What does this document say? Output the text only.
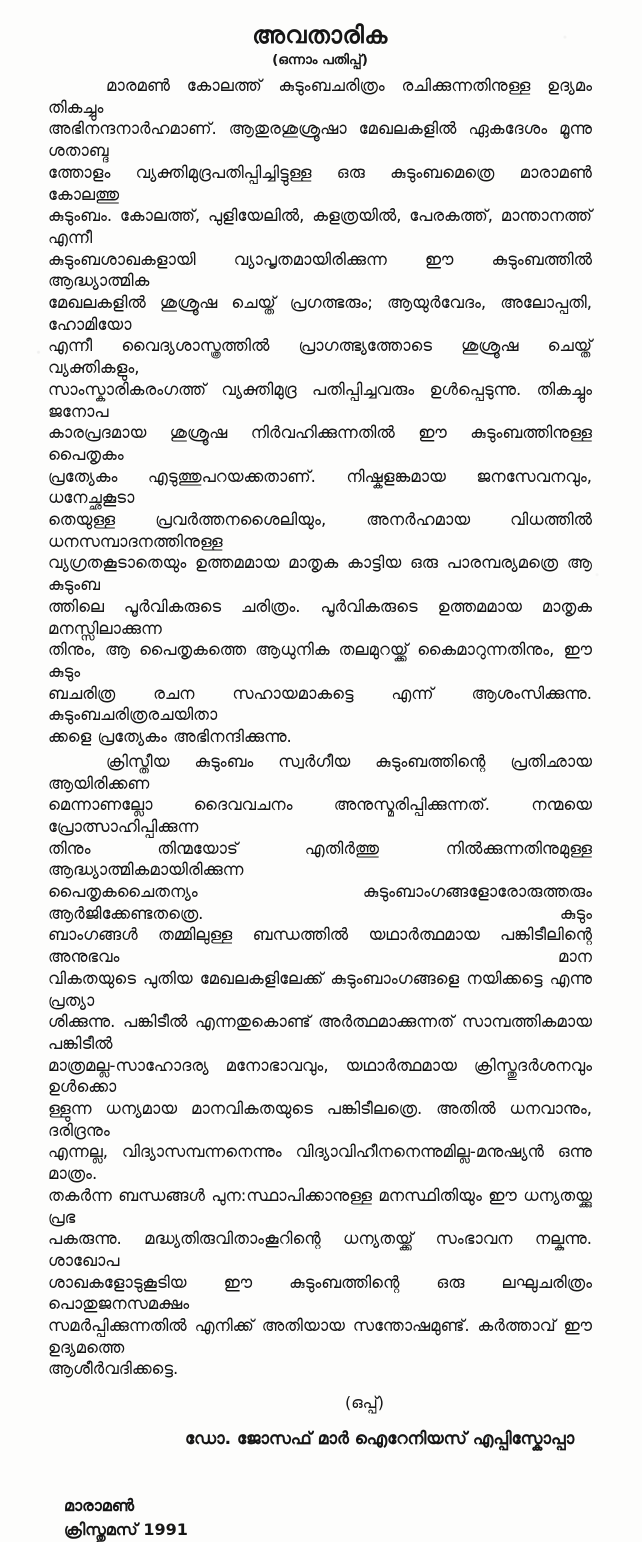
അവതാരിക
(ഒന്നാം പതിപ്പ്)
മാരമൺ കോലത്ത് കുടുംബചരിത്രം രചിക്കുന്നതിനുള്ള ഉദ്യമം തികച്ചും
അഭിനന്ദനാർഹമാണ്. ആതുരശുശ്രൂഷാ മേഖലകളിൽ ഏകദേശം മൂന്നു ശതാബ്ദ
ത്തോളം വ്യക്തിമുദ്രപതിപ്പിച്ചിട്ടുള്ള ഒരു കുടുംബമെത്രെ മാരാമൺ കോലത്തു
കുടുംബം. കോലത്ത്, പുളിയേലിൽ, കളത്രയിൽ, പേരകത്ത്, മാന്താനത്ത് എന്നീ
കുടുംബശാഖകളായി വ്യാപൃതമായിരിക്കുന്ന ഈ കുടുംബത്തിൽ ആദ്ധ്യാത്മിക
മേഖലകളിൽ ശുശ്രൂഷ ചെയ്ത് പ്രഗത്ഭരും; ആയുർവേദം, അലോപ്പതി, ഹോമിയോ
എന്നീ വൈദ്യശാസ്ത്രത്തിൽ പ്രാഗത്ഭ്യത്തോടെ ശുശ്രൂഷ ചെയ്ത് വ്യക്തികളും,
സാംസ്കാരികരംഗത്ത് വ്യക്തിമുദ്ര പതിപ്പിച്ചവരും ഉൾപ്പെടുന്നു. തികച്ചും ജനോപ
കാരപ്രദമായ ശുശ്രൂഷ നിർവഹിക്കുന്നതിൽ ഈ കുടുംബത്തിനുള്ള പൈതൃകം
പ്രത്യേകം എടുത്തുപറയക്കതാണ്. നിഷ്കളങ്കമായ ജനസേവനവും, ധനേച്ഛകൂടാ
തെയുള്ള പ്രവർത്തനശൈലിയും, അനർഹമായ വിധത്തിൽ ധനസമ്പാദനത്തിനുള്ള
വ്യഗ്രതകൂടാതെയും ഉത്തമമായ മാതൃക കാട്ടിയ ഒരു പാരമ്പര്യമത്രെ ആ കുടുംബ
ത്തിലെ പൂർവികരുടെ ചരിത്രം. പൂർവികരുടെ ഉത്തമമായ മാതൃക മനസ്സിലാക്കുന്ന
തിനും, ആ പൈതൃകത്തെ ആധുനിക തലമുറയ്ക്ക് കൈമാറുന്നതിനും, ഈ കുടും
ബചരിത്ര രചന സഹായമാകട്ടെ എന്ന് ആശംസിക്കുന്നു. കുടുംബചരിത്രരചയിതാ
ക്കളെ പ്രത്യേകം അഭിനന്ദിക്കുന്നു.
ക്രിസ്തീയ കുടുംബം സ്വർഗീയ കുടുംബത്തിന്റെ പ്രതിഛായ ആയിരിക്കണ
മെന്നാണല്ലോ ദൈവവചനം അനുസ്മരിപ്പിക്കുന്നത്. നന്മയെ പ്രോത്സാഹിപ്പിക്കുന്ന
തിനും തിന്മയോട് എതിർത്തു നിൽക്കുന്നതിനുമുള്ള ആദ്ധ്യാത്മികമായിരിക്കുന്ന
പൈതൃകചൈതന്യം കുടുംബാംഗങ്ങളോരോരുത്തരും ആർജിക്കേണ്ടതത്രെ. കുടും
ബാംഗങ്ങൾ തമ്മിലുള്ള ബന്ധത്തിൽ യഥാർത്ഥമായ പങ്കിടീലിന്റെ അനുഭവം മാന
വികതയുടെ പുതിയ മേഖലകളിലേക്ക് കുടുംബാംഗങ്ങളെ നയിക്കട്ടെ എന്നു പ്രത്യാ
ശിക്കുന്നു. പങ്കിടീൽ എന്നതുകൊണ്ട് അർത്ഥമാക്കുന്നത് സാമ്പത്തികമായ പങ്കിടീൽ
മാത്രമല്ല-സാഹോദര്യ മനോഭാവവും, യഥാർത്ഥമായ ക്രിസ്തുദർശനവും ഉൾക്കൊ
ള്ളുന്ന ധന്യമായ മാനവികതയുടെ പങ്കിടീലത്രെ. അതിൽ ധനവാനും, ദരിദ്രനും
എന്നല്ല, വിദ്യാസമ്പന്നനെന്നും വിദ്യാവിഹീനനെന്നുമില്ല-മനുഷ്യൻ ഒന്നു മാത്രം.
തകർന്ന ബന്ധങ്ങൾ പുന:സ്ഥാപിക്കാനുള്ള മനസ്ഥിതിയും ഈ ധന്യതയ്ക്കു പ്രഭ
പകരുന്നു. മദ്ധ്യതിരുവിതാംകൂറിന്റെ ധന്യതയ്ക്ക് സംഭാവന നല്കുന്നു. ശാഖോപ
ശാഖകളോടുകൂടിയ ഈ കുടുംബത്തിന്റെ ഒരു ലഘുചരിത്രം പൊതുജനസമക്ഷം
സമർപ്പിക്കുന്നതിൽ എനിക്ക് അതിയായ സന്തോഷമുണ്ട്. കർത്താവ് ഈ ഉദ്യമത്തെ
ആശീർവദിക്കട്ടെ.
(ഒപ്പ്)
ഡോ. ജോസഫ് മാർ ഐറേനിയസ് എപ്പിസ്കോപ്പാ
മാരാമൺ
ക്രിസ്തുമസ് 1991
